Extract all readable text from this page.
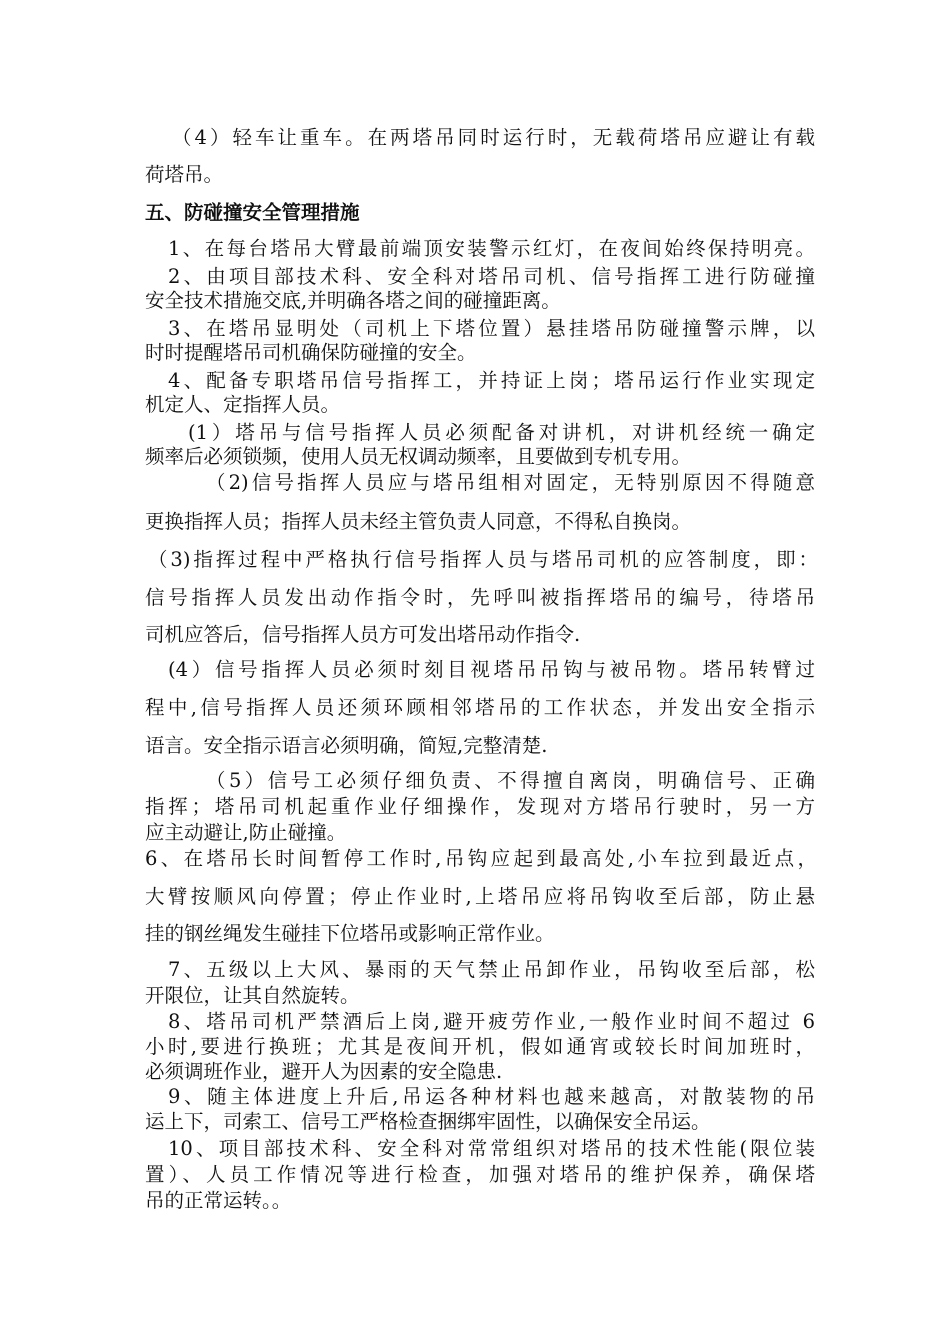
（4）轻车让重车。在两塔吊同时运行时，无载荷塔吊应避让有载
荷塔吊。
五、防碰撞安全管理措施
1、在每台塔吊大臂最前端顶安装警示红灯，在夜间始终保持明亮。
2、由项目部技术科、安全科对塔吊司机、信号指挥工进行防碰撞
安全技术措施交底,并明确各塔之间的碰撞距离。
3、在塔吊显明处（司机上下塔位置）悬挂塔吊防碰撞警示牌，以
时时提醒塔吊司机确保防碰撞的安全。
4、配备专职塔吊信号指挥工，并持证上岗；塔吊运行作业实现定
机定人、定指挥人员。
(1）塔吊与信号指挥人员必须配备对讲机，对讲机经统一确定
频率后必须锁频，使用人员无权调动频率，且要做到专机专用。
（2)信号指挥人员应与塔吊组相对固定，无特别原因不得随意
更换指挥人员；指挥人员未经主管负责人同意，不得私自换岗。
（3)指挥过程中严格执行信号指挥人员与塔吊司机的应答制度，即：
信号指挥人员发出动作指令时，先呼叫被指挥塔吊的编号，待塔吊
司机应答后，信号指挥人员方可发出塔吊动作指令.
(4）信号指挥人员必须时刻目视塔吊吊钩与被吊物。塔吊转臂过
程中,信号指挥人员还须环顾相邻塔吊的工作状态，并发出安全指示
语言。安全指示语言必须明确，简短,完整清楚.
（5）信号工必须仔细负责、不得擅自离岗，明确信号、正确
指挥；塔吊司机起重作业仔细操作，发现对方塔吊行驶时，另一方
应主动避让,防止碰撞。
6、在塔吊长时间暂停工作时,吊钩应起到最高处,小车拉到最近点，
大臂按顺风向停置；停止作业时,上塔吊应将吊钩收至后部，防止悬
挂的钢丝绳发生碰挂下位塔吊或影响正常作业。
7、五级以上大风、暴雨的天气禁止吊卸作业，吊钩收至后部，松
开限位，让其自然旋转。
8、塔吊司机严禁酒后上岗,避开疲劳作业,一般作业时间不超过 6
小时,要进行换班；尤其是夜间开机，假如通宵或较长时间加班时，
必须调班作业，避开人为因素的安全隐患.
9、随主体进度上升后,吊运各种材料也越来越高，对散装物的吊
运上下，司索工、信号工严格检查捆绑牢固性，以确保安全吊运。
10、项目部技术科、安全科对常常组织对塔吊的技术性能(限位装
置）、人员工作情况等进行检查，加强对塔吊的维护保养，确保塔
吊的正常运转。。
